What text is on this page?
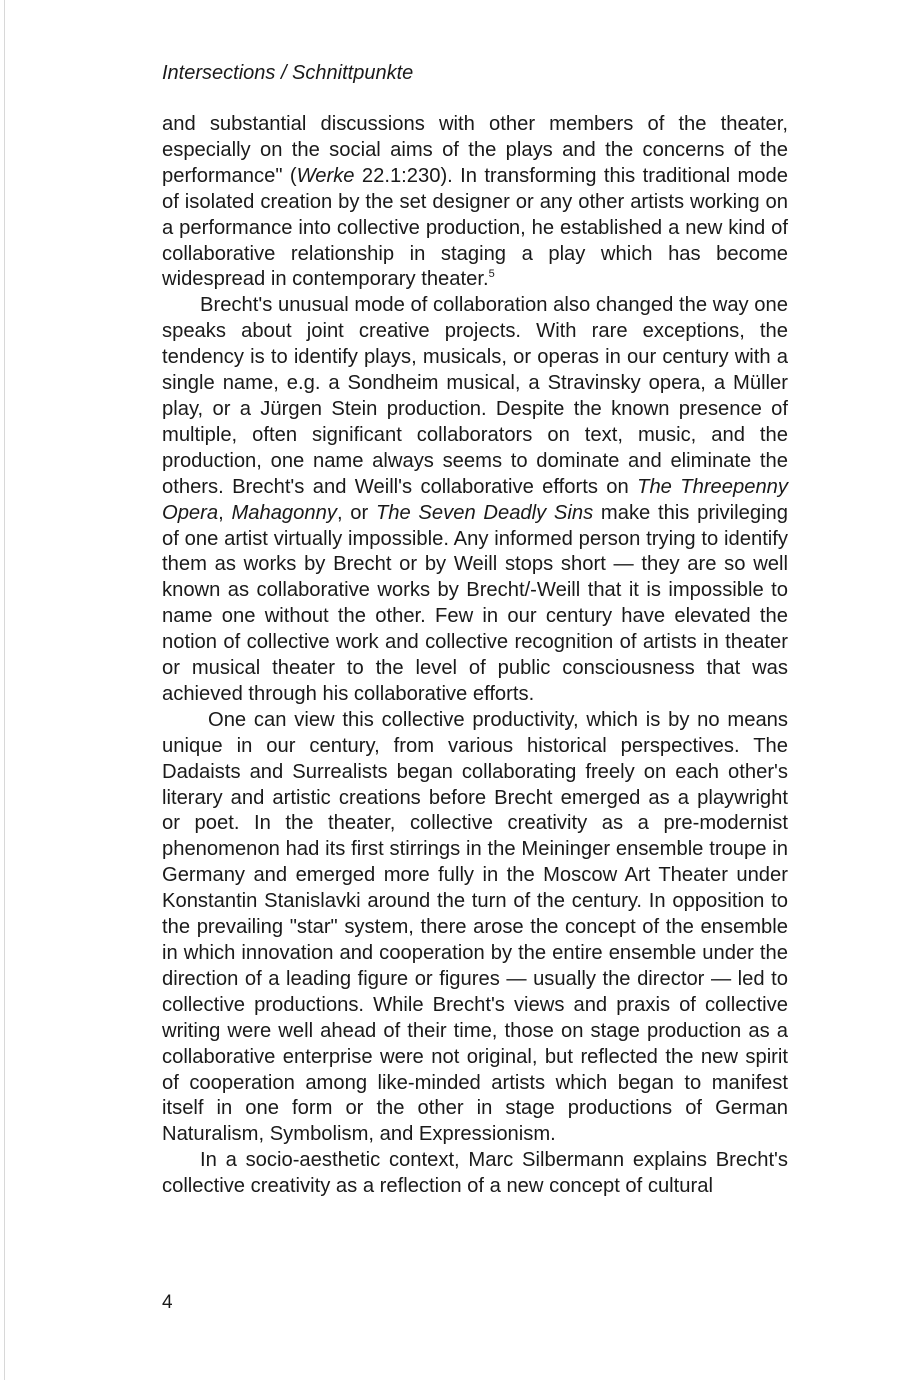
Intersections / Schnittpunkte

and substantial discussions with other members of the theater, especially on the social aims of the plays and the concerns of the performance" (Werke 22.1:230). In transforming this traditional mode of isolated creation by the set designer or any other artists working on a performance into collective production, he established a new kind of collaborative relationship in staging a play which has become widespread in contemporary theater.$^5$

Brecht's unusual mode of collaboration also changed the way one speaks about joint creative projects. With rare exceptions, the tendency is to identify plays, musicals, or operas in our century with a single name, e.g. a Sondheim musical, a Stravinsky opera, a Müller play, or a Jürgen Stein production. Despite the known presence of multiple, often significant collaborators on text, music, and the production, one name always seems to dominate and eliminate the others. Brecht's and Weill's collaborative efforts on The Threepenny Opera, Mahagonny, or The Seven Deadly Sins make this privileging of one artist virtually impossible. Any informed person trying to identify them as works by Brecht or by Weill stops short — they are so well known as collaborative works by Brecht/-Weill that it is impossible to name one without the other. Few in our century have elevated the notion of collective work and collective recognition of artists in theater or musical theater to the level of public consciousness that was achieved through his collaborative efforts.

One can view this collective productivity, which is by no means unique in our century, from various historical perspectives. The Dadaists and Surrealists began collaborating freely on each other's literary and artistic creations before Brecht emerged as a playwright or poet. In the theater, collective creativity as a pre-modernist phenomenon had its first stirrings in the Meininger ensemble troupe in Germany and emerged more fully in the Moscow Art Theater under Konstantin Stanislavki around the turn of the century. In opposition to the prevailing "star" system, there arose the concept of the ensemble in which innovation and cooperation by the entire ensemble under the direction of a leading figure or figures — usually the director — led to collective productions. While Brecht's views and praxis of collective writing were well ahead of their time, those on stage production as a collaborative enterprise were not original, but reflected the new spirit of cooperation among like-minded artists which began to manifest itself in one form or the other in stage productions of German Naturalism, Symbolism, and Expressionism.

In a socio-aesthetic context, Marc Silbermann explains Brecht's collective creativity as a reflection of a new concept of cultural

4
